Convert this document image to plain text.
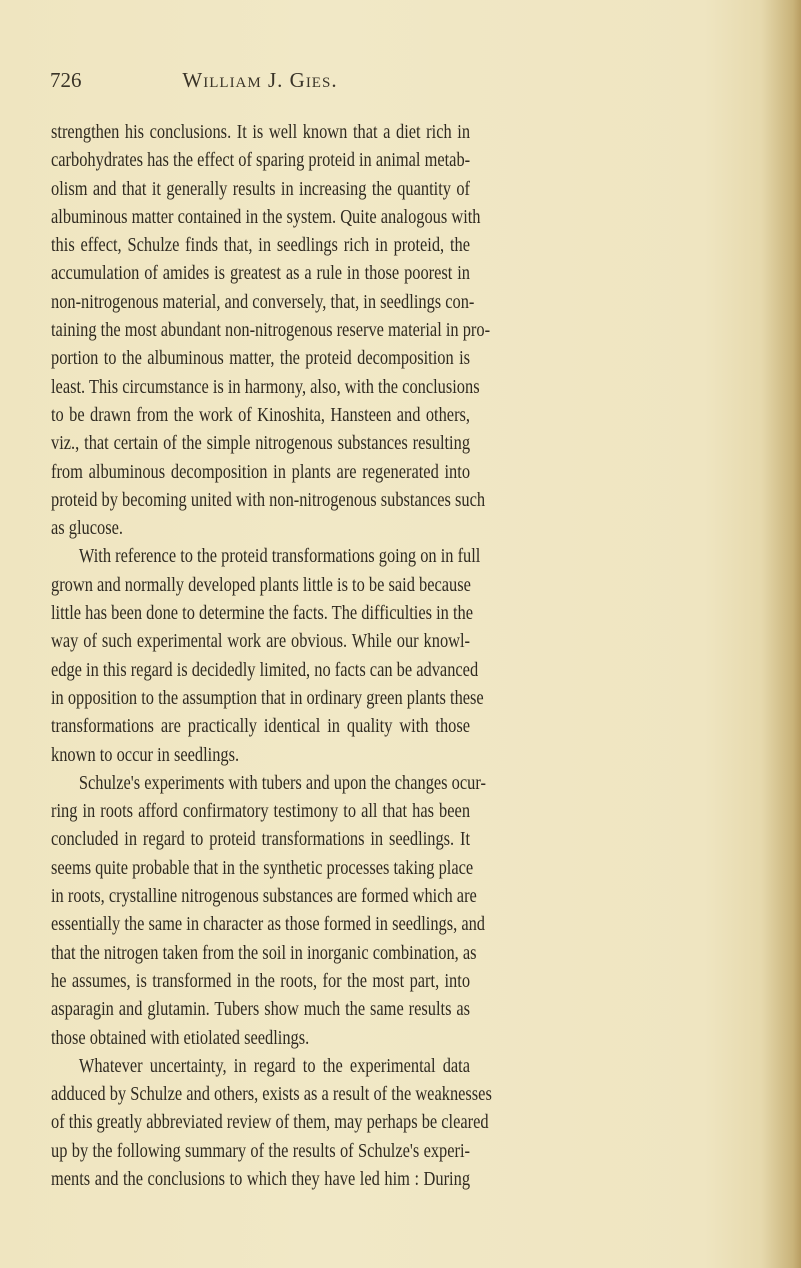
726	William J. Gies.
strengthen his conclusions. It is well known that a diet rich in
carbohydrates has the effect of sparing proteid in animal metab-
olism and that it generally results in increasing the quantity of
albuminous matter contained in the system. Quite analogous with
this effect, Schulze finds that, in seedlings rich in proteid, the
accumulation of amides is greatest as a rule in those poorest in
non-nitrogenous material, and conversely, that, in seedlings con-
taining the most abundant non-nitrogenous reserve material in pro-
portion to the albuminous matter, the proteid decomposition is
least. This circumstance is in harmony, also, with the conclusions
to be drawn from the work of Kinoshita, Hansteen and others,
viz., that certain of the simple nitrogenous substances resulting
from albuminous decomposition in plants are regenerated into
proteid by becoming united with non-nitrogenous substances such
as glucose.
With reference to the proteid transformations going on in full
grown and normally developed plants little is to be said because
little has been done to determine the facts. The difficulties in the
way of such experimental work are obvious. While our knowl-
edge in this regard is decidedly limited, no facts can be advanced
in opposition to the assumption that in ordinary green plants these
transformations are practically identical in quality with those
known to occur in seedlings.
Schulze's experiments with tubers and upon the changes ocur-
ring in roots afford confirmatory testimony to all that has been
concluded in regard to proteid transformations in seedlings. It
seems quite probable that in the synthetic processes taking place
in roots, crystalline nitrogenous substances are formed which are
essentially the same in character as those formed in seedlings, and
that the nitrogen taken from the soil in inorganic combination, as
he assumes, is transformed in the roots, for the most part, into
asparagin and glutamin. Tubers show much the same results as
those obtained with etiolated seedlings.
Whatever uncertainty, in regard to the experimental data
adduced by Schulze and others, exists as a result of the weaknesses
of this greatly abbreviated review of them, may perhaps be cleared
up by the following summary of the results of Schulze's experi-
ments and the conclusions to which they have led him : During
